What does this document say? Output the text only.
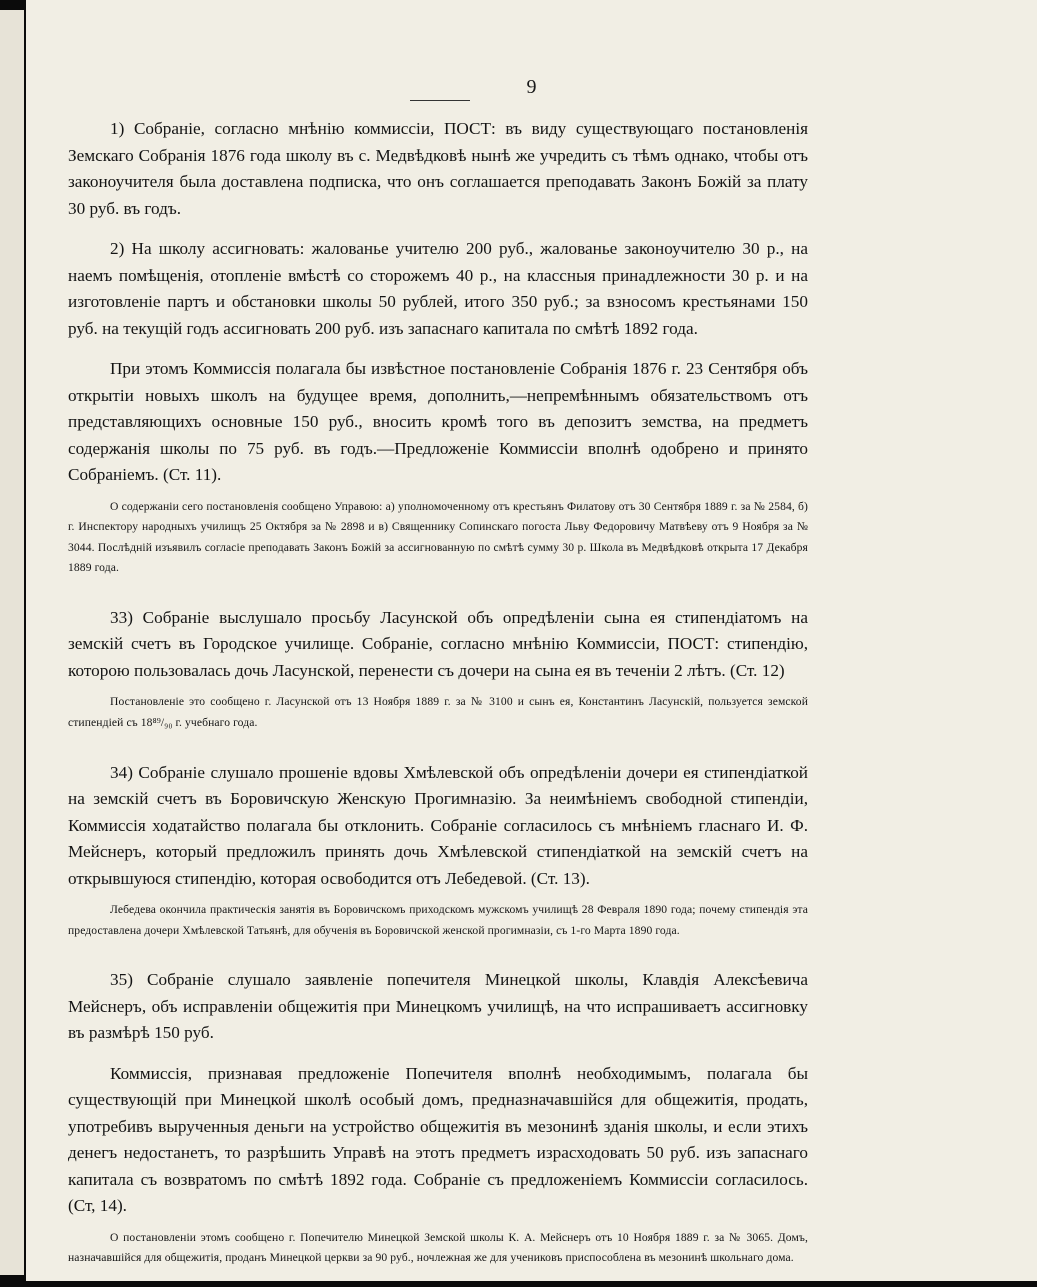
9

1) Собраніе, согласно мнѣнію коммиссіи, ПОСТ: въ виду существующаго постановленія Земскаго Собранія 1876 года школу въ с. Медвѣдковѣ нынѣ же учредить съ тѣмъ однако, чтобы отъ законоучителя была доставлена подписка, что онъ соглашается преподавать Законъ Божій за плату 30 руб. въ годъ.

2) На школу ассигновать: жалованье учителю 200 руб., жалованье законоучителю 30 р., на наемъ помѣщенія, отопленіе вмѣстѣ со сторожемъ 40 р., на классныя принадлежности 30 р. и на изготовленіе партъ и обстановки школы 50 рублей, итого 350 руб.; за взносомъ крестьянами 150 руб. на текущій годъ ассигновать 200 руб. изъ запаснаго капитала по смѣтѣ 1892 года.

При этомъ Коммиссія полагала бы извѣстное постановленіе Собранія 1876 г. 23 Сентября объ открытіи новыхъ школъ на будущее время, дополнить,—непремѣннымъ обязательствомъ отъ представляющихъ основные 150 руб., вносить кромѣ того въ депозитъ земства, на предметъ содержанія школы по 75 руб. въ годъ.—Предложеніе Коммиссіи вполнѣ одобрено и принято Собраніемъ. (Ст. 11).

О содержаніи сего постановленія сообщено Управою: а) уполномоченному отъ крестьянъ Филатову отъ 30 Сентября 1889 г. за № 2584, б) г. Инспектору народныхъ училищъ 25 Октября за № 2898 и в) Священнику Сопинскаго погоста Львy Федоровичу Матвѣеву отъ 9 Ноября за № 3044. Послѣдній изъявилъ согласіе преподавать Законъ Божій за ассигнованную по смѣтѣ сумму 30 р. Школа въ Медвѣдковѣ открыта 17 Декабря 1889 года.

33) Собраніе выслушало просьбу Ласунской объ опредѣленіи сына ея стипендіатомъ на земскій счетъ въ Городское училище. Собраніе, согласно мнѣнію Коммиссіи, ПОСТ: стипендію, которою пользовалась дочь Ласунской, перенести съ дочери на сына ея въ теченіи 2 лѣтъ. (Ст. 12)

Постановленіе это сообщено г. Ласунской отъ 13 Ноября 1889 г. за № 3100 и сынъ ея, Константинъ Ласунскій, пользуется земской стипендіей съ 18⁸⁹/₉₀ г. учебнаго года.

34) Собраніе слушало прошеніе вдовы Хмѣлевской объ опредѣленіи дочери ея стипендіаткой на земскій счетъ въ Боровичскую Женскую Прогимназію. За неимѣніемъ свободной стипендіи, Коммиссія ходатайство полагала бы отклонить. Собраніе согласилось съ мнѣніемъ гласнаго И. Ф. Мейснеръ, который предложилъ принять дочь Хмѣлевской стипендіаткой на земскій счетъ на открывшуюся стипендію, которая освободится отъ Лебедевой. (Ст. 13).

Лебедева окончила практическія занятія въ Боровичскомъ приходскомъ мужскомъ училищѣ 28 Февраля 1890 года; почему стипендія эта предоставлена дочери Хмѣлевской Татьянѣ, для обученія въ Боровичской женской прогимназіи, съ 1-го Марта 1890 года.

35) Собраніе слушало заявленіе попечителя Минецкой школы, Клавдія Алексѣевича Мейснеръ, объ исправленіи общежитія при Минецкомъ училищѣ, на что испрашиваетъ ассигновку въ размѣрѣ 150 руб.

Коммиссія, признавая предложеніе Попечителя вполнѣ необходимымъ, полагала бы существующій при Минецкой школѣ особый домъ, предназначавшійся для общежитія, продать, употребивъ вырученныя деньги на устройство общежитія въ мезонинѣ зданія школы, и если этихъ денегъ недостанетъ, то разрѣшить Управѣ на этотъ предметъ израсходовать 50 руб. изъ запаснаго капитала съ возвратомъ по смѣтѣ 1892 года. Собраніе съ предложеніемъ Коммиссіи согласилось. (Ст, 14).

О постановленіи этомъ сообщено г. Попечителю Минецкой Земской школы К. А. Мейснеръ отъ 10 Ноября 1889 г. за № 3065. Домъ, назначавшійся для общежитія, проданъ Минецкой церкви за 90 руб., ночлежная же для учениковъ приспособлена въ мезонинѣ школьнаго дома.
